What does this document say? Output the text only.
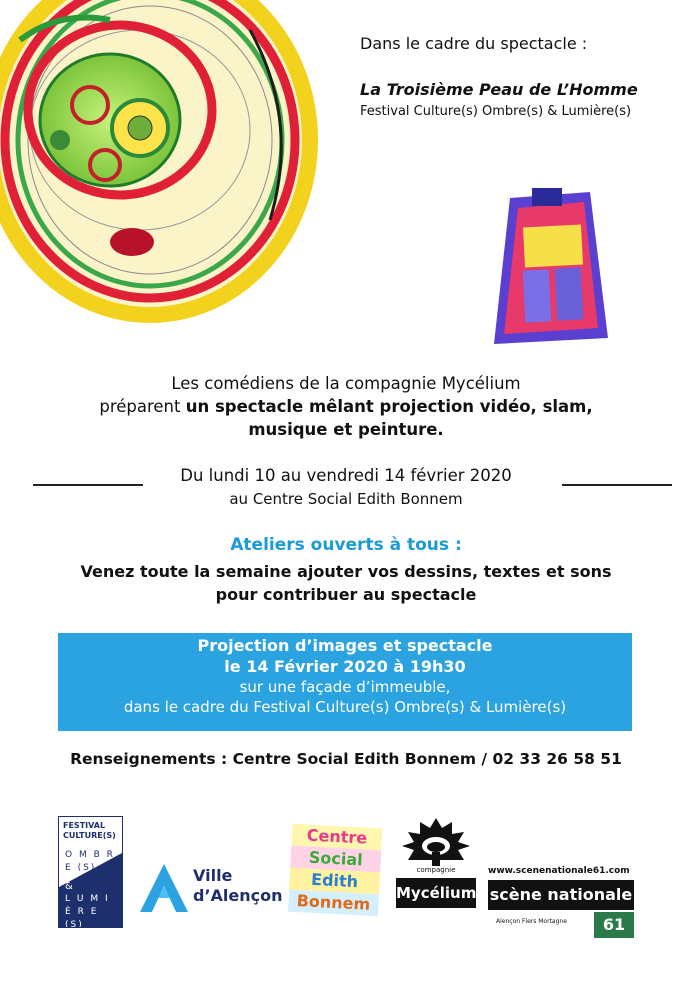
Dans le cadre du spectacle :
La Troisième Peau de L’Homme
Festival Culture(s) Ombre(s) & Lumière(s)
Les comédiens de la compagnie Mycélium
préparent un spectacle mêlant projection vidéo, slam,
musique et peinture.
Du lundi 10 au vendredi 14 février 2020
au Centre Social Edith Bonnem
Ateliers ouverts à tous :
Venez toute la semaine ajouter vos dessins, textes et sons
pour contribuer au spectacle
Projection d’images et spectacle
le 14 Février 2020 à 19h30
sur une façade d’immeuble,
dans le cadre du Festival Culture(s) Ombre(s) & Lumière(s)
Renseignements : Centre Social Edith Bonnem / 02 33 26 58 51
FESTIVAL
CULTURE(S)
O M B R E (S)
&
L U M I È R E (S)
Ville
d’Alençon
Centre
Social
Edith
Bonnem
compagnie
Mycélium
www.scenenationale61.com
scène nationale
Alençon Flers Mortagne	61
